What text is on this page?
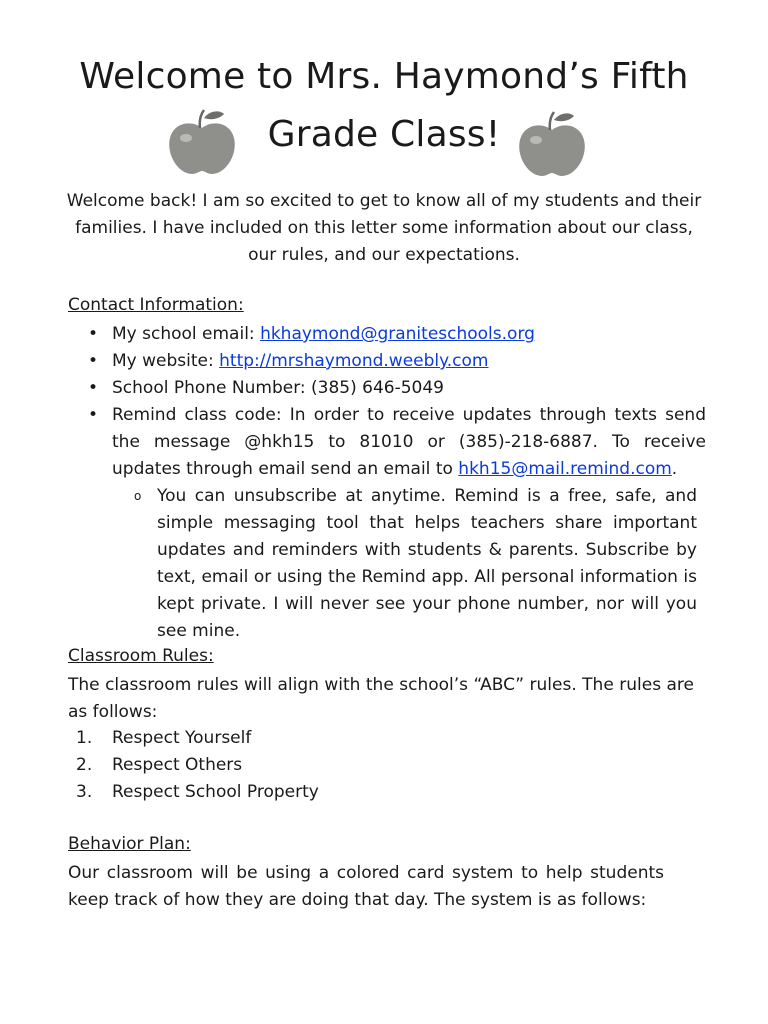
Welcome to Mrs. Haymond’s Fifth Grade Class!

Welcome back! I am so excited to get to know all of my students and their families. I have included on this letter some information about our class, our rules, and our expectations.

Contact Information:
• My school email: hkhaymond@graniteschools.org
• My website: http://mrshaymond.weebly.com
• School Phone Number: (385) 646-5049
• Remind class code: In order to receive updates through texts send the message @hkh15 to 81010 or (385)-218-6887. To receive updates through email send an email to hkh15@mail.remind.com.
o You can unsubscribe at anytime. Remind is a free, safe, and simple messaging tool that helps teachers share important updates and reminders with students & parents. Subscribe by text, email or using the Remind app. All personal information is kept private. I will never see your phone number, nor will you see mine.
Classroom Rules:

The classroom rules will align with the school’s “ABC” rules. The rules are as follows:

1. Respect Yourself
2. Respect Others
3. Respect School Property
Behavior Plan:

Our classroom will be using a colored card system to help students keep track of how they are doing that day. The system is as follows:
